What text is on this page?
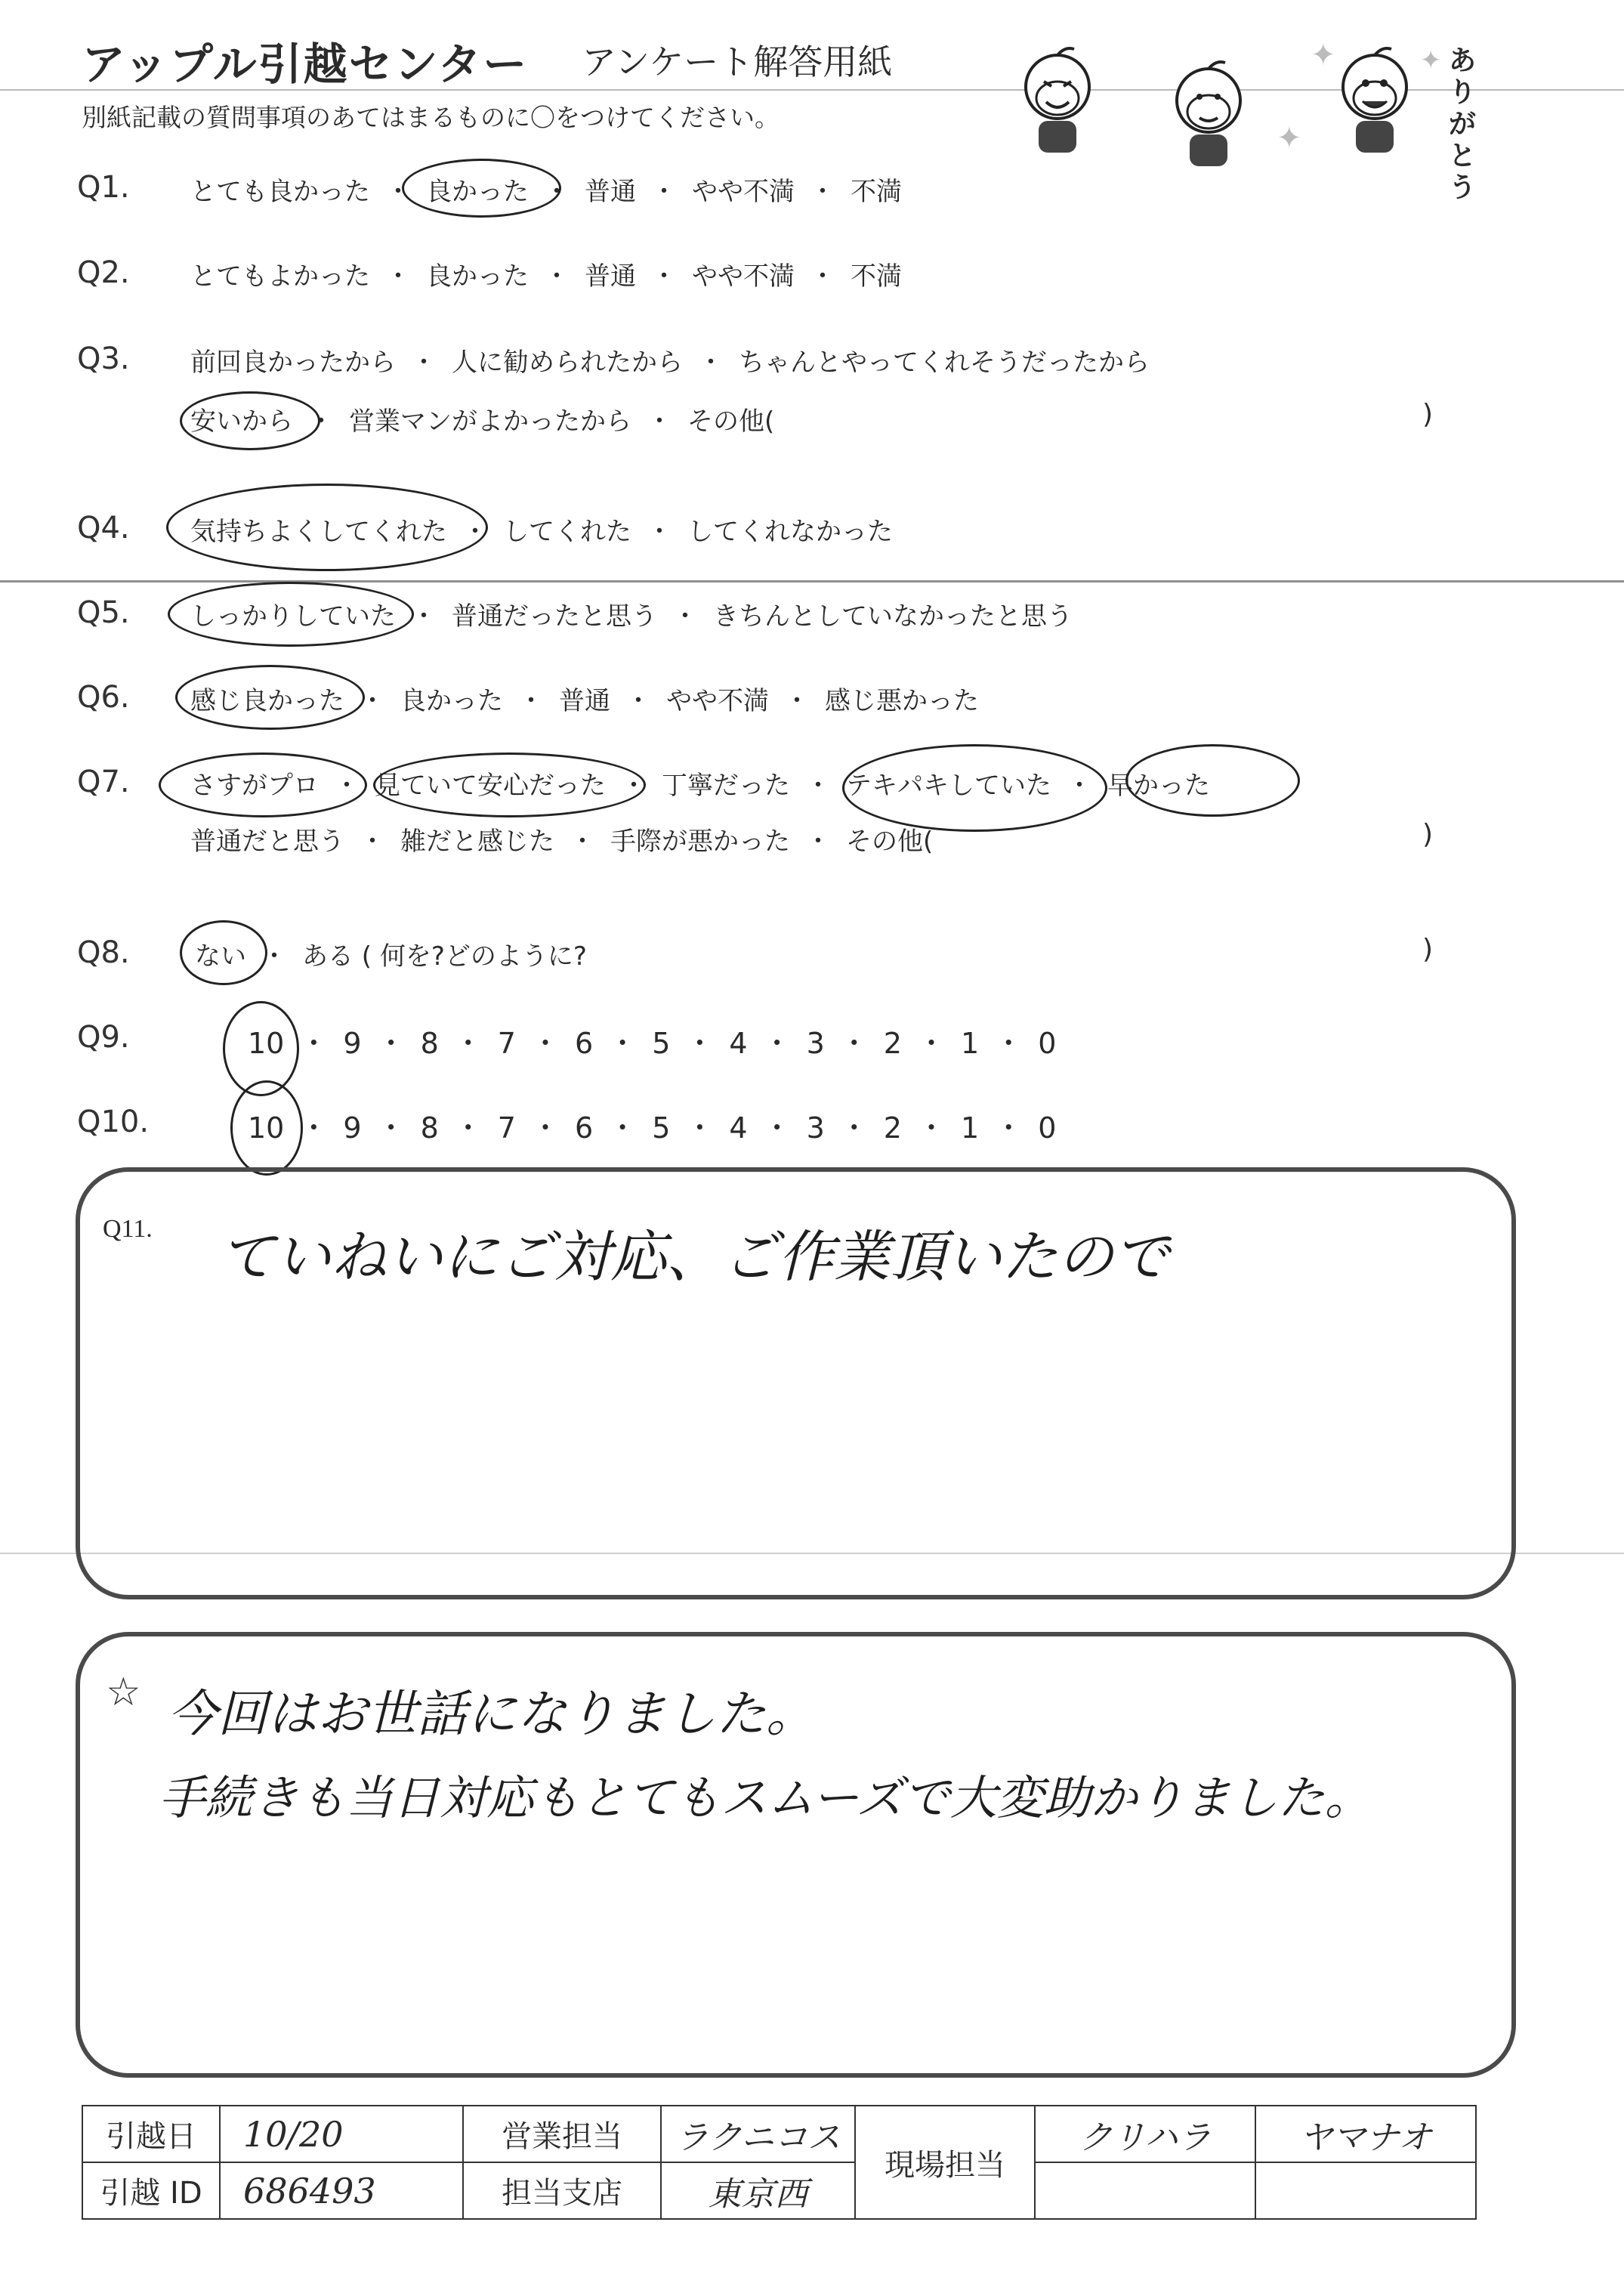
アップル引越センター アンケート解答用紙
別紙記載の質問事項のあてはまるものに〇をつけてください。
ありがとう
✦
✦
✦
Q1. とても良かった ・ 良かった ・ 普通 ・ やや不満 ・ 不満
Q2. とてもよかった ・ 良かった ・ 普通 ・ やや不満 ・ 不満
Q3. 前回良かったから ・ 人に勧められたから ・ ちゃんとやってくれそうだったから
安いから ・ 営業マンがよかったから ・ その他(	)
Q4. 気持ちよくしてくれた ・ してくれた ・ してくれなかった
Q5. しっかりしていた ・ 普通だったと思う ・ きちんとしていなかったと思う
Q6. 感じ良かった ・ 良かった ・ 普通 ・ やや不満 ・ 感じ悪かった
Q7. さすがプロ ・ 見ていて安心だった ・ 丁寧だった ・ テキパキしていた ・ 早かった
普通だと思う ・ 雑だと感じた ・ 手際が悪かった ・ その他(	)
Q8.	ない ・ ある ( 何を?どのように?	)
Q9.	10 ・ 9 ・ 8 ・ 7 ・ 6 ・ 5 ・ 4 ・ 3 ・ 2 ・ 1 ・ 0
Q10.	10 ・ 9 ・ 8 ・ 7 ・ 6 ・ 5 ・ 4 ・ 3 ・ 2 ・ 1 ・ 0
Q11. ていねいにご対応、ご作業頂いたので
☆ 今回はお世話になりました。
手続きも当日対応もとてもスムーズで大変助かりました。
引越日	10/20	営業担当	ラクニコス	現場担当	クリハラ	ヤマナオ
引越 ID	686493	担当支店	東京西			
